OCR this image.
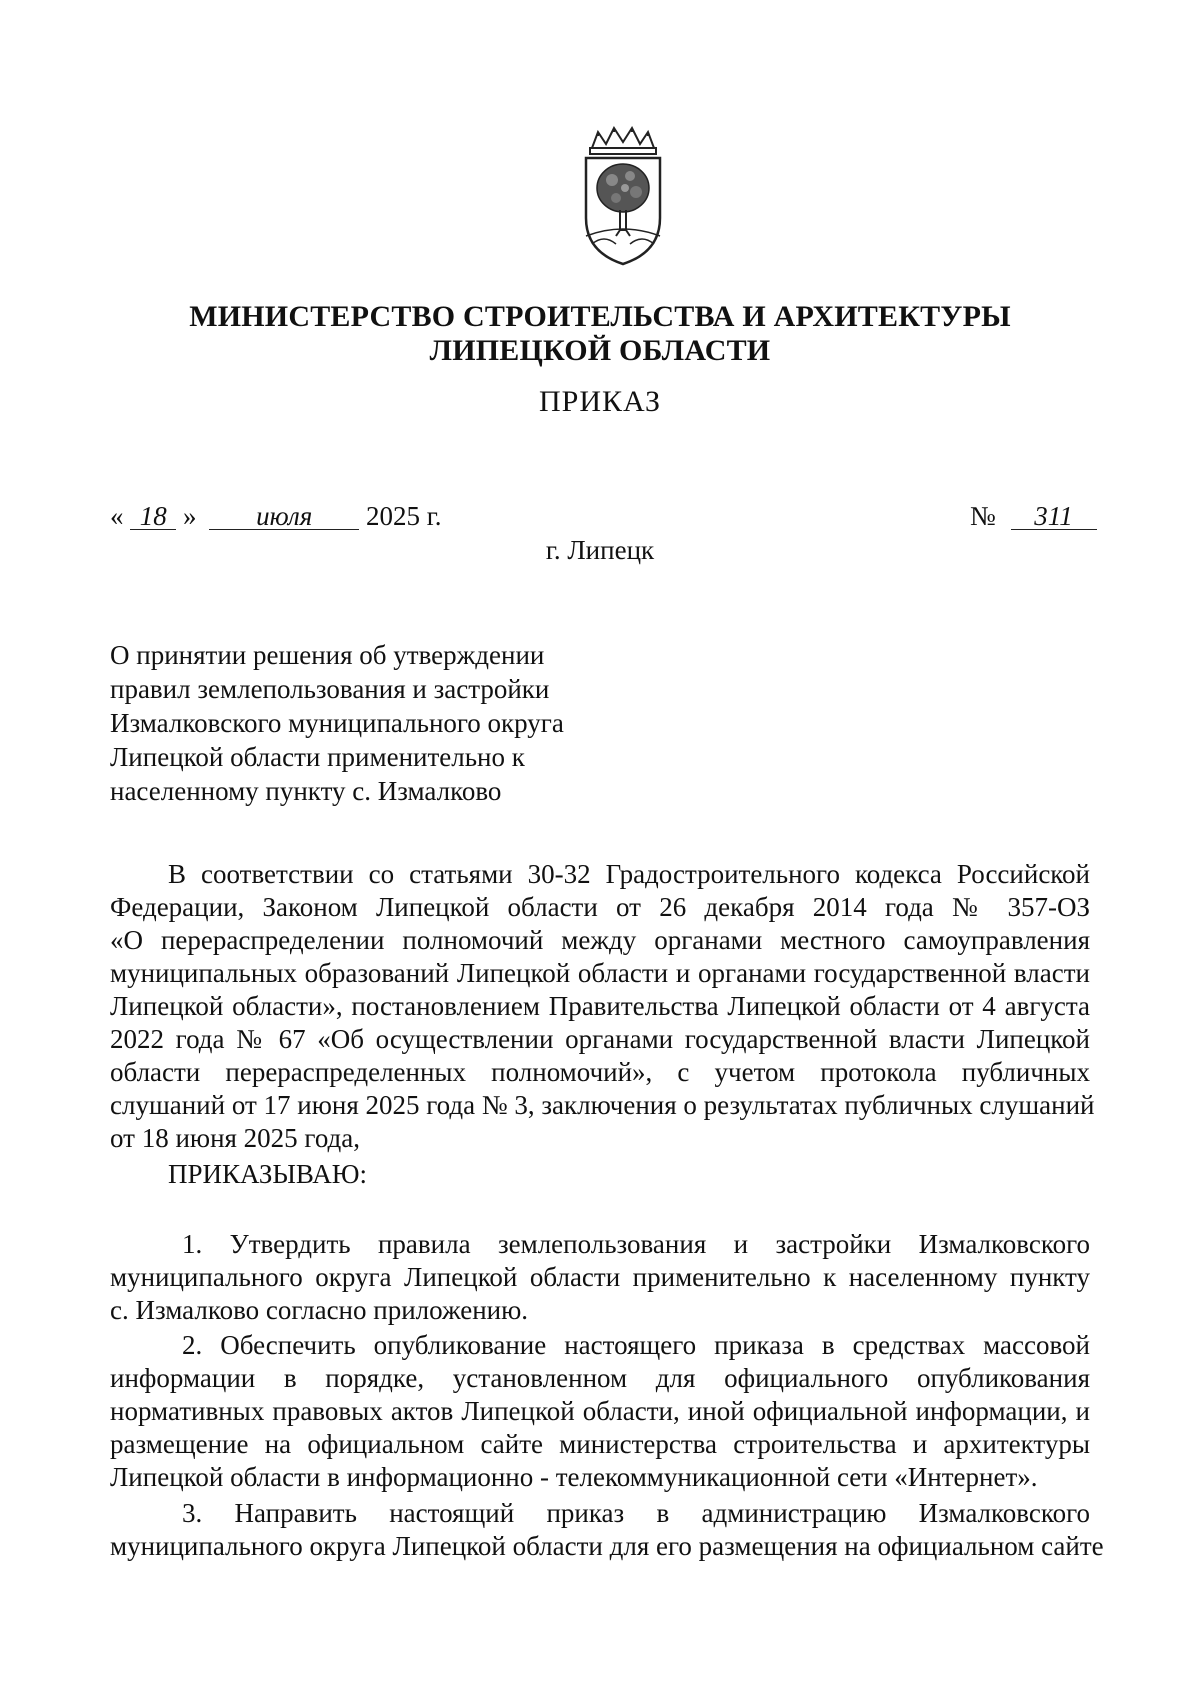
МИНИСТЕРСТВО СТРОИТЕЛЬСТВА И АРХИТЕКТУРЫ
ЛИПЕЦКОЙ ОБЛАСТИ
ПРИКАЗ
« 18 » июля 2025 г.	№ 311
г. Липецк
О принятии решения об утверждении
правил землепользования и застройки
Измалковского муниципального округа
Липецкой области применительно к
населенному пункту с. Измалково
В соответствии со статьями 30-32 Градостроительного кодекса Российской
Федерации, Законом Липецкой области от 26 декабря 2014 года № 357-ОЗ
«О перераспределении полномочий между органами местного самоуправления
муниципальных образований Липецкой области и органами государственной власти
Липецкой области», постановлением Правительства Липецкой области от 4 августа
2022 года № 67 «Об осуществлении органами государственной власти Липецкой
области перераспределенных полномочий», с учетом протокола публичных
слушаний от 17 июня 2025 года № 3, заключения о результатах публичных слушаний
от 18 июня 2025 года,
ПРИКАЗЫВАЮ:
1. Утвердить правила землепользования и застройки Измалковского
муниципального округа Липецкой области применительно к населенному пункту
с. Измалково согласно приложению.
2. Обеспечить опубликование настоящего приказа в средствах массовой
информации в порядке, установленном для официального опубликования
нормативных правовых актов Липецкой области, иной официальной информации, и
размещение на официальном сайте министерства строительства и архитектуры
Липецкой области в информационно - телекоммуникационной сети «Интернет».
3. Направить настоящий приказ в администрацию Измалковского
муниципального округа Липецкой области для его размещения на официальном сайте
